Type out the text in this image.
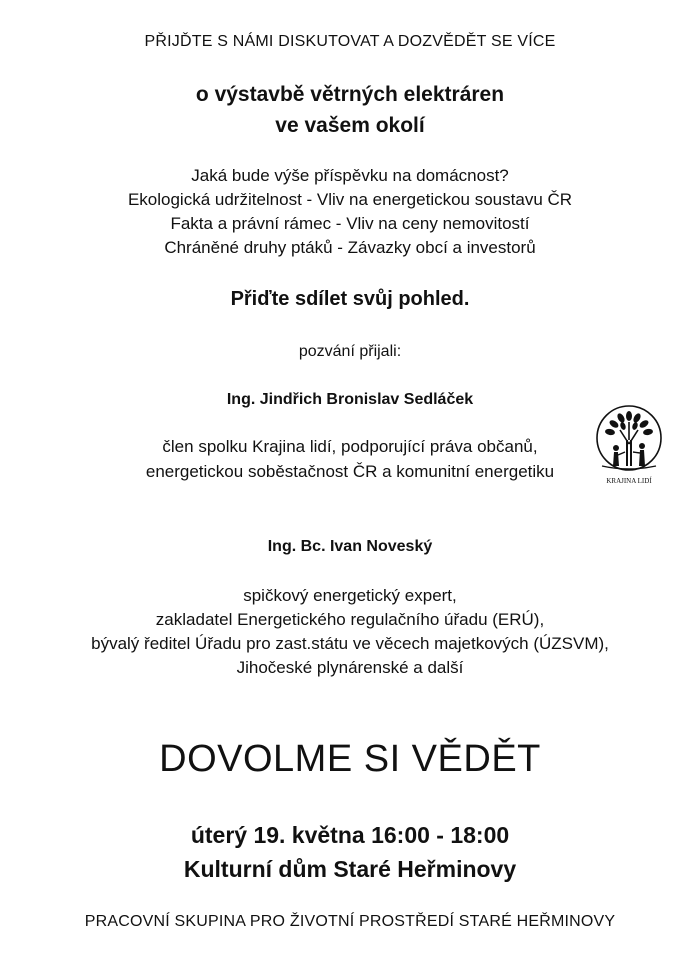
PŘIJĎTE S NÁMI DISKUTOVAT A DOZVĚDĚT SE VÍCE
o výstavbě větrných elektráren
ve vašem okolí
Jaká bude výše příspěvku na domácnost?
Ekologická udržitelnost - Vliv na energetickou soustavu ČR
Fakta a právní rámec - Vliv na ceny nemovitostí
Chráněné druhy ptáků - Závazky obcí a investorů
Přiďte sdílet svůj pohled.
pozvání přijali:
Ing. Jindřich Bronislav Sedláček
člen spolku Krajina lidí, podporující práva občanů,
energetickou soběstačnost ČR a komunitní energetiku	KRAJINA LIDÍ
Ing. Bc. Ivan Noveský
spičkový energetický expert,
zakladatel Energetického regulačního úřadu (ERÚ),
bývalý ředitel Úřadu pro zast.státu ve věcech majetkových (ÚZSVM),
Jihočeské plynárenské a další
DOVOLME SI VĚDĚT
úterý 19. května 16:00 - 18:00
Kulturní dům Staré Heřminovy
PRACOVNÍ SKUPINA PRO ŽIVOTNÍ PROSTŘEDÍ STARÉ HEŘMINOVY
